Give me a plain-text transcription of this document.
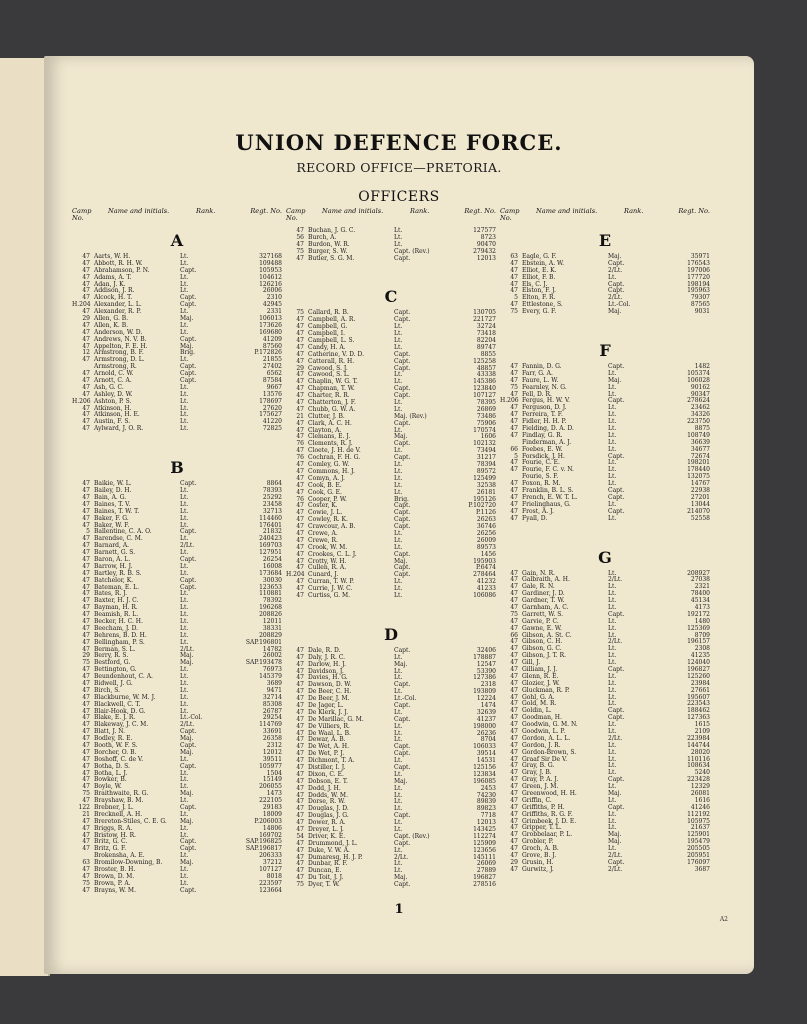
UNION DEFENCE FORCE.
RECORD OFFICE—PRETORIA.
OFFICERS
Camp No.
Name and initials.	Rank.	Regt. No.
A
47 Aarts, W. H.	Lt.	327168
47 Abbott, R. H. W.	Lt.	109488
47 Abrahamson, P. N.	Capt.	105953
47 Adams, A. T.	Lt.	104612
47 Adan, J. K.	Lt.	126216
47 Addison, J. R.	Lt.	26006
47 Alcock, H. T.	Capt.	2310
H.204 Alexander, L. L.	Capt.	42945
47 Alexander, R. P.	Lt.	2331
29 Allen, G. B.	Maj.	106013
47 Allen, K. B.	Lt.	173626
47 Anderson, W. D.	Lt.	169680
47 Andrews, N. V. B.	Capt.	41209
47 Appelton, F. E. H.	Maj.	87560
12 Armstrong, B. F.	Brig.	P.172826
47 Armstrong, D. L.	Lt.	21855
Armstrong, R.	Capt.	27402
47 Arnold, C. W.	Capt.	6562
47 Arnott, C. A.	Capt.	87584
47 Ash, G. C.	Lt.	9667
47 Ashley, D. W.	Lt.	13576
H.206 Ashton, P. S.	Lt.	178697
47 Atkinson, H.	Lt.	27620
47 Atkinson, H. E.	Lt.	175627
47 Austin, F. S.	Lt.	41220
47 Aylward, J. O. R.	Lt.	72825
B
47 Baikie, W. L.	Capt.	8864
47 Bailey, D. H.	Lt.	78393
47 Bain, A. G.	Lt.	25292
47 Baines, T. V.	Lt.	23458
47 Baines, T. W. T.	Lt.	32713
47 Baker, F. G.	Lt.	114460
47 Baker, W. F.	Lt.	176401
5 Ballentine, C. A. O.	Capt.	21832
47 Barendse, C. M.	Lt.	240423
47 Barnard, A.	2/Lt.	169703
47 Barnett, G. S.	Lt.	127951
47 Baron, A. L.	Capt.	26254
47 Barrow, H. J.	Lt.	16008
47 Bartley, R. B. S.	Lt.	173684
47 Batchelor, K.	Capt.	30030
47 Bateman, E. L.	Capt.	123653
47 Bates, R. J.	Lt.	110881
47 Baxter, H. J. C.	Lt.	78392
47 Bayman, H. R.	Lt.	196268
47 Beamish, R. L.	Lt.	208826
47 Becker, H. C. H.	Lt.	12011
47 Beecham, J. D.	Lt.	38331
47 Behrens, B. D. H.	Lt.	208829
47 Bellingham, P. S.	Lt.	SAP.196801
47 Berman, S. L.	2/Lt.	14782
29 Berry, R. S.	Maj.	26002
75 Bestford, G.	Maj.	SAP.193478
47 Bettington, G.	Lt.	76973
47 Beundenhout, C. A.	Lt.	145379
47 Bidwell, J. G.	Lt.	3689
47 Birch, S.	Lt.	9471
47 Blackburne, W. M. J.	Lt.	32714
47 Blackwell, C. T.	Lt.	85308
47 Blair-Hook, D. G.	Lt.	26787
47 Blake, E. J. R.	Lt.-Col.	29254
47 Blakeway, J. C. M.	2/Lt.	114769
47 Blatt, J. N.	Capt.	33691
47 Bodley, R. E.	Maj.	26358
47 Booth, W. F. S.	Capt.	2312
47 Borcher, O. B.	Maj.	12012
47 Boshoff, C. de V.	Lt.	39511
47 Botha, D. S.	Capt.	105977
47 Botha, L. J.	Lt.	1504
47 Bowker, B.	Lt.	15149
47 Boyle, W.	Lt.	206055
75 Braithwaite, R. G.	Maj.	1473
47 Brayshaw, B. M.	Lt.	222105
122 Brebner, J. L.	Capt.	29183
21 Brecknell, A. H.	Lt.	18009
47 Brereton-Stiles, C. E. G. Maj.	P.206003
47 Briggs, R. A.	Lt.	14806
47 Bristow, H. R.	Lt.	169702
47 Britz, G. C.	Capt.	SAP.196825
47 Britz, G. F.	Capt.	SAP.196817
Brokensha, A. E.	Lt.	206333
63 Bromilow-Downing, B.	Maj.	37212
47 Broster, B. H.	Lt.	107127
47 Brown, D. M.	Lt.	8018
75 Brown, P. A.	Lt.	223597
47 Brayns, W. M.	Capt.	123664
Camp No.
Name and initials.	Rank.	Regt. No.
47 Buchan, J. G. C.	Lt.	127577
56 Burch, A.	Lt.	8723
47 Burdon, W. R.	Lt.	90470
75 Burger, S. W.	Capt. (Rev.)	279432
47 Butler, S. G. M.	Capt.	12013
C
75 Callard, R. B.	Capt.	130705
47 Campbell, A. R.	Capt.	221727
47 Campbell, G.	Lt.	32724
47 Campbell, I.	Lt.	73418
47 Campbell, L. S.	Lt.	82204
47 Candy, H. A.	Lt.	89747
47 Catherine, V. D. D.	Capt.	8855
47 Catterall, R. H.	Capt.	125258
29 Cawood, S. J.	Capt.	48857
47 Cawood, S. L.	Lt.	43338
47 Chaplin, W. G. T.	Lt.	145386
47 Chapman, T. W.	Capt.	123840
47 Charter, R. R.	Capt.	107127
47 Chatterton, J. F.	Lt.	78395
47 Chubb, G. W. A.	Lt.	26869
21 Clutter, J. B.	Maj. (Rev.)	73486
47 Clark, A. C. H.	Capt.	75906
47 Clayton, A.	Lt.	170574
47 Clemans, E. J.	Maj.	1606
76 Clements, R. J.	Capt.	102132
47 Cloete, J. H. de V.	Lt.	73494
76 Cochran, F. H. G.	Capt.	31217
47 Comley, G. W.	Lt.	78394
47 Commons, H. J.	Lt.	89572
47 Comyn, A. J.	Lt.	125499
47 Cook, B. E.	Lt.	32538
47 Cook, G. E.	Lt.	26181
76 Cooper, P. W.	Brig.	195126
47 Coster, K.	Capt.	P.102720
47 Cowie, J. L.	Capt.	P.1126
47 Cowley, R. K.	Capt.	26263
47 Crawcour, A. B.	Capt.	36746
47 Crewe, A.	Lt.	26256
47 Crewe, R.	Lt.	26009
47 Crook, W. M.	Lt.	89573
47 Crookes, C. L. J.	Capt.	1456
47 Crotty, W. H.	Maj.	195903
47 Cullen, R. A.	Capt.	P.6474
H.204 Cunard, J.	Capt.	278464
47 Curran, T. W. P.	Lt.	41232
47 Currie, J. W. C.	Lt.	41233
47 Curtiss, G. M.	Lt.	106086
D
47 Dale, R. D.	Capt.	32406
47 Daly, J. R. C.	Lt.	178887
47 Darlow, H. J.	Maj.	12547
47 Davidson, J.	Lt.	53390
47 Davies, H. G.	Lt.	127386
47 Dawson, D. W.	Capt.	2318
47 De Beer, C. H.	Lt.	193809
47 De Beer, J. M.	Lt.-Col.	12224
47 De Jager, L.	Capt.	1474
47 De Klerk, J. J.	Lt.	32639
47 De Marillac, G. M.	Capt.	41237
47 De Villiers, R.	Lt.	198000
47 De Waal, L. B.	Lt.	26236
47 Dewar, A. B.	Lt.	8704
47 De Wet, A. H.	Capt.	106033
47 De Wet, P. J.	Capt.	39514
47 Dichmont, T. A.	Lt.	14531
47 Distiller, I. J.	Capt.	125156
47 Dixon, C. E.	Lt.	123834
47 Dobson, E. T.	Maj.	196085
47 Dodd, J. H.	Lt.	2453
47 Dodds, W. M.	Lt.	74230
47 Dorse, R. W.	Lt.	89839
47 Douglas, J. D.	Lt.	89823
47 Douglas, J. G.	Capt.	7718
47 Dower, R. A.	Lt.	12013
47 Dreyer, L. J.	Lt.	143425
54 Driver, K. E.	Capt. (Rev.)	112274
47 Drummond, J. L.	Capt.	125909
47 Duke, V. W. A.	Lt.	123656
47 Dumaresq, H. J. P.	2/Lt.	145111
47 Dunbar, R. F.	Lt.	26069
47 Duncan, E.	Lt.	27889
47 Du Toit, J. J.	Maj.	196827
75 Dyer, T. W.	Capt.	278516
Camp No.
Name and initials.	Rank.	Regt. No.
E
63 Eagle, G. F.	Maj.	35971
47 Ebstein, A. W.	Capt.	176543
47 Elliot, E. K.	2/Lt.	197006
47 Elliot, F. B.	Lt.	177720
47 Els, C. J.	Capt.	198194
47 Elston, F. J.	Capt.	195963
5 Elton, F. R.	2/Lt.	79307
47 Ettlestone, S.	Lt.-Col.	87565
75 Every, G. F.	Maj.	9031
F
47 Fannin, D. G.	Capt.	1482
47 Farr, G. A.	Lt.	105374
47 Faure, L. W.	Maj.	106028
75 Fearnley, N. G.	Lt.	90162
47 Fell, D. R.	Lt.	90347
H.206 Fergus, H. W. V.	Capt.	278624
47 Ferguson, D. J.	Lt.	23462
47 Ferreira, T. F.	Lt.	34326
47 Fidler, H. H. P.	Lt.	223750
47 Fielding, D. A. D.	Lt.	8875
47 Findlay, G. R.	Lt.	108749
Finderman, A. J.	Lt.	36639
66 Foebes, E. W.	Lt.	34677
5 Forsdick, J. H.	Capt.	72674
47 Fourie, C. E.	Lt.	198201
47 Fourie, F. C. v. N.	Lt.	178440
Fourie, S. F.	Lt.	132075
47 Foxon, R. M.	Lt.	14767
47 Franklin, B. L. S.	Capt.	22938
47 French, E. W. T. L.	Capt.	27201
47 Frielinghaus, G.	Lt.	13044
47 Frost, A. J.	Capt.	214070
47 Fyall, D.	Lt.	52558
G
47 Gain, N. R.	Lt.	208927
47 Galbraith, A. H.	2/Lt.	27038
47 Gale, R. N.	Lt.	2321
47 Gardiner, J. D.	Lt.	78400
47 Gardner, T. W.	Lt.	45134
47 Garnham, A. C.	Lt.	4173
75 Garrett, W. S.	Capt.	192172
47 Garvie, P. C.	Lt.	1480
47 Gawne, E. W.	Lt.	125369
66 Gibson, A. St. C.	Lt.	8709
47 Gibson, C. H.	2/Lt.	196157
47 Gibson, G. C.	Lt.	2308
47 Gibson, J. T. R.	Lt.	41235
47 Gill, J.	Lt.	124040
47 Gilliam, J. J.	Capt.	196827
47 Glenn, R. E.	Lt.	125260
47 Glozier, J. W.	Lt.	23984
47 Gluckman, R. P.	Lt.	27661
47 Gohl, G. A.	Lt.	195607
47 Gold, M. R.	Lt.	223543
47 Goldin, L.	Capt.	188462
47 Goodman, H.	Capt.	127363
47 Goodwin, G. M. N.	Lt.	1615
47 Goodwin, L. P.	Lt.	2109
47 Gordon, A. L. L.	2/Lt.	223984
47 Gordon, J. R.	Lt.	144744
47 Gordon-Brown, S.	Lt.	28020
47 Graaf Sir De V.	Lt.	110116
47 Gray, B. G.	Lt.	108634
47 Gray, J. B.	Lt.	5240
47 Gray, P. A. J.	Capt.	223428
47 Green, J. M.	Lt.	12329
47 Greenwood, H. H.	Maj.	26081
47 Griffin, C.	Lt.	1616
47 Griffiths, P. H.	Capt.	41246
47 Griffiths, R. G. F.	Lt.	112192
47 Grimbeek, J. D. E.	Lt.	105975
47 Gripper, T. L.	Lt.	21637
47 Grobbelaar, P. L.	Maj.	125901
47 Grobler, P.	Maj.	195479
47 Groch, A. B.	Lt.	205505
47 Grove, B. J.	2/Lt.	205951
29 Grusin, H.	Capt.	176097
47 Gurwitz, J.	2/Lt.	3687
1
A2
